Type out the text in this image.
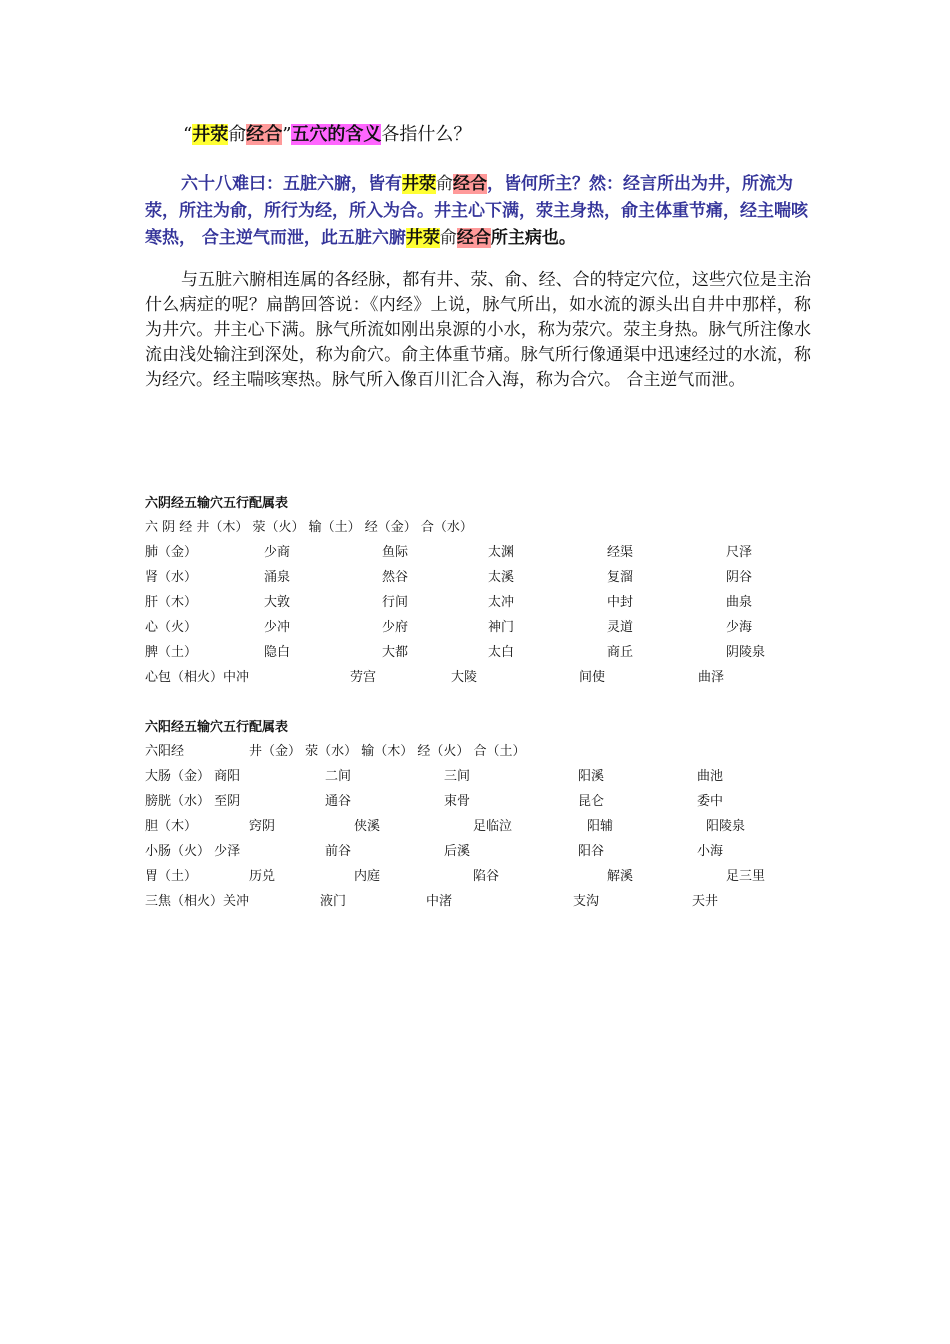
“井荥俞经合”五穴的含义各指什么？
六十八难曰：五脏六腑，皆有井荥俞经合，皆何所主？然：经言所出为井，所流为荥，所注为俞，所行为经，所入为合。井主心下满，荥主身热，俞主体重节痛，经主喘咳寒热， 合主逆气而泄，此五脏六腑井荥俞经合所主病也。
与五脏六腑相连属的各经脉，都有井、荥、俞、经、合的特定穴位，这些穴位是主治什么病症的呢？扁鹊回答说：《内经》上说，脉气所出，如水流的源头出自井中那样，称为井穴。井主心下满。脉气所流如刚出泉源的小水，称为荥穴。荥主身热。脉气所注像水流由浅处输注到深处，称为俞穴。俞主体重节痛。脉气所行像通渠中迅速经过的水流，称为经穴。经主喘咳寒热。脉气所入像百川汇合入海，称为合穴。 合主逆气而泄。
六阴经五输穴五行配属表
六 阴 经 井（木） 荥（火） 输（土） 经（金） 合（水）
肺（金）	少商	鱼际	太渊	经渠	尺泽
肾（水）	涌泉	然谷	太溪	复溜	阴谷
肝（木）	大敦	行间	太冲	中封	曲泉
心（火）	少冲	少府	神门	灵道	少海
脾（土）	隐白	大都	太白	商丘	阴陵泉
心包（相火）中冲	劳宫	大陵	间使	曲泽
六阳经五输穴五行配属表
六阳经	井（金） 荥（水） 输（木） 经（火） 合（土）
大肠（金） 商阳	二间	三间	阳溪	曲池
膀胱（水） 至阴	通谷	束骨	昆仑	委中
胆（木）	窍阴	侠溪	足临泣	阳辅	阳陵泉
小肠（火） 少泽	前谷	后溪	阳谷	小海
胃（土）	历兑	内庭	陷谷	解溪	足三里
三焦（相火）关冲	液门	中渚	支沟	天井
